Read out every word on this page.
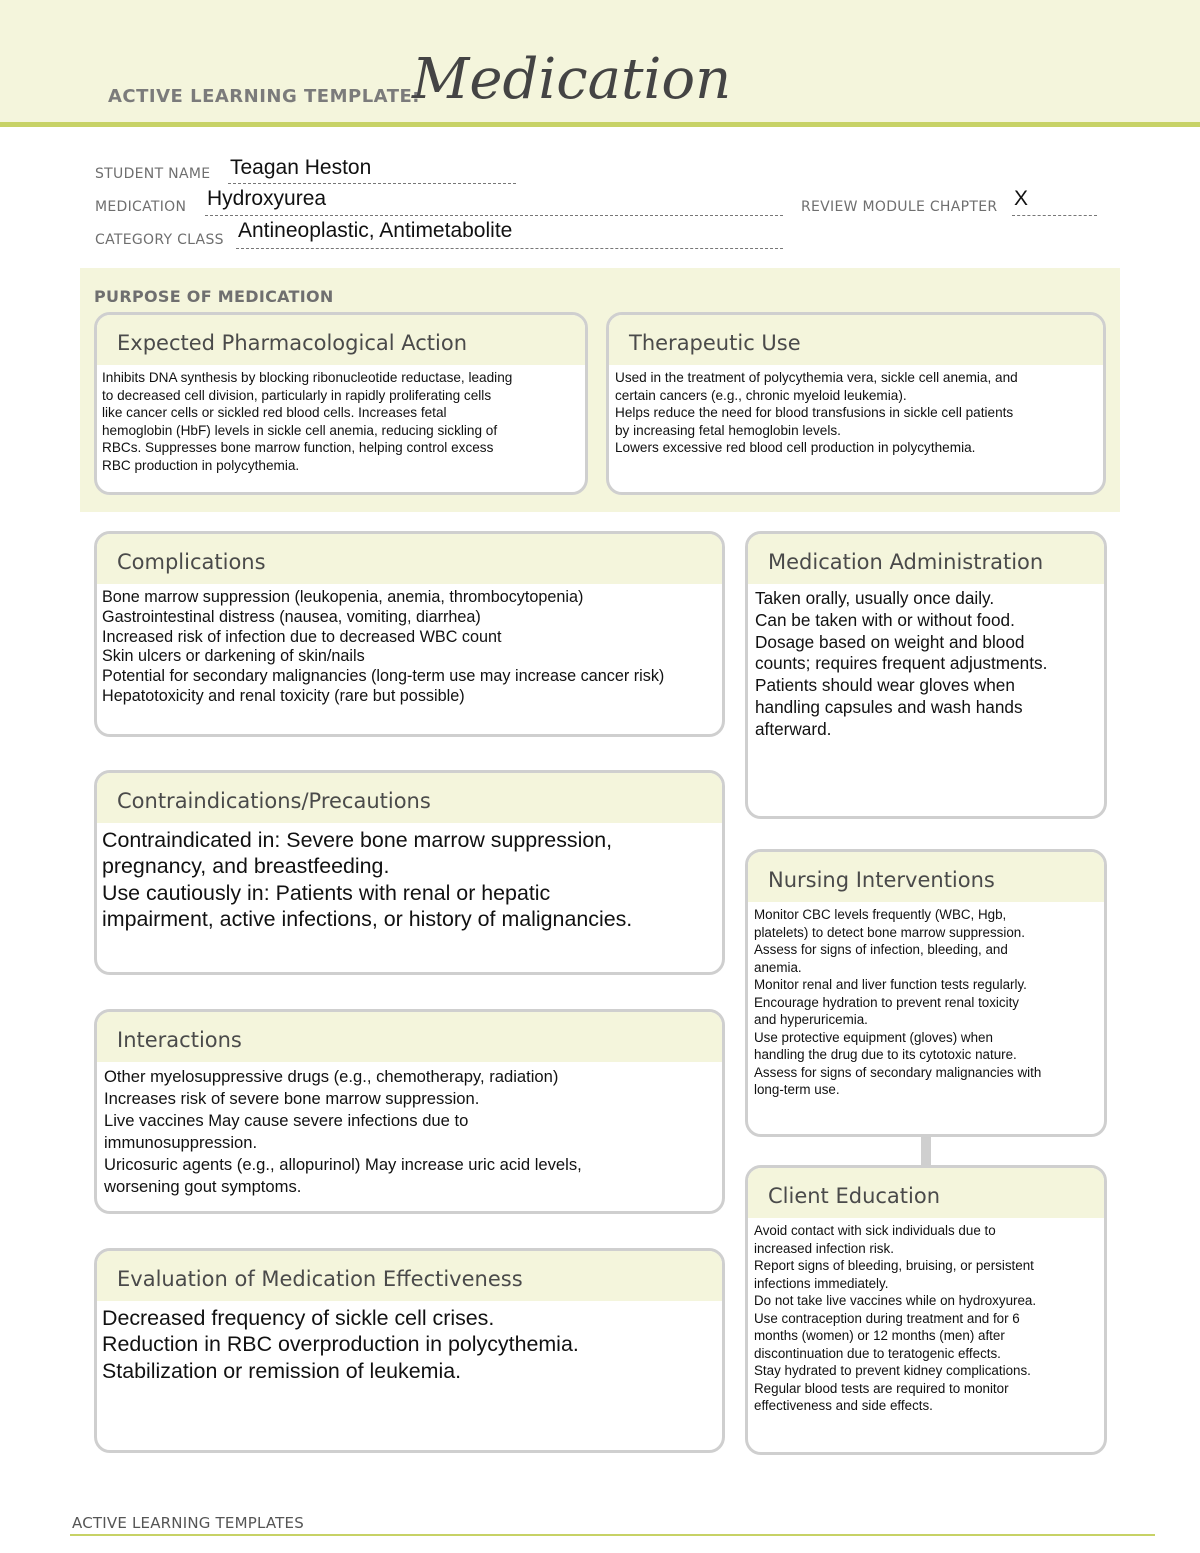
ACTIVE LEARNING TEMPLATE:
Medication
STUDENT NAME Teagan Heston
MEDICATION Hydroxyurea	REVIEW MODULE CHAPTER X
CATEGORY CLASS Antineoplastic, Antimetabolite
PURPOSE OF MEDICATION
Expected Pharmacological Action
Inhibits DNA synthesis by blocking ribonucleotide reductase, leading
to decreased cell division, particularly in rapidly proliferating cells
like cancer cells or sickled red blood cells. Increases fetal
hemoglobin (HbF) levels in sickle cell anemia, reducing sickling of
RBCs. Suppresses bone marrow function, helping control excess
RBC production in polycythemia.
Therapeutic Use
Used in the treatment of polycythemia vera, sickle cell anemia, and
certain cancers (e.g., chronic myeloid leukemia).
Helps reduce the need for blood transfusions in sickle cell patients
by increasing fetal hemoglobin levels.
Lowers excessive red blood cell production in polycythemia.
Complications
Bone marrow suppression (leukopenia, anemia, thrombocytopenia)
Gastrointestinal distress (nausea, vomiting, diarrhea)
Increased risk of infection due to decreased WBC count
Skin ulcers or darkening of skin/nails
Potential for secondary malignancies (long-term use may increase cancer risk)
Hepatotoxicity and renal toxicity (rare but possible)
Contraindications/Precautions
Contraindicated in: Severe bone marrow suppression,
pregnancy, and breastfeeding.
Use cautiously in: Patients with renal or hepatic
impairment, active infections, or history of malignancies.
Interactions
Other myelosuppressive drugs (e.g., chemotherapy, radiation)
Increases risk of severe bone marrow suppression.
Live vaccines May cause severe infections due to
immunosuppression.
Uricosuric agents (e.g., allopurinol) May increase uric acid levels,
worsening gout symptoms.
Evaluation of Medication Effectiveness
Decreased frequency of sickle cell crises.
Reduction in RBC overproduction in polycythemia.
Stabilization or remission of leukemia.
Medication Administration
Taken orally, usually once daily.
Can be taken with or without food.
Dosage based on weight and blood
counts; requires frequent adjustments.
Patients should wear gloves when
handling capsules and wash hands
afterward.
Nursing Interventions
Monitor CBC levels frequently (WBC, Hgb,
platelets) to detect bone marrow suppression.
Assess for signs of infection, bleeding, and
anemia.
Monitor renal and liver function tests regularly.
Encourage hydration to prevent renal toxicity
and hyperuricemia.
Use protective equipment (gloves) when
handling the drug due to its cytotoxic nature.
Assess for signs of secondary malignancies with
long-term use.
Client Education
Avoid contact with sick individuals due to
increased infection risk.
Report signs of bleeding, bruising, or persistent
infections immediately.
Do not take live vaccines while on hydroxyurea.
Use contraception during treatment and for 6
months (women) or 12 months (men) after
discontinuation due to teratogenic effects.
Stay hydrated to prevent kidney complications.
Regular blood tests are required to monitor
effectiveness and side effects.
ACTIVE LEARNING TEMPLATES
